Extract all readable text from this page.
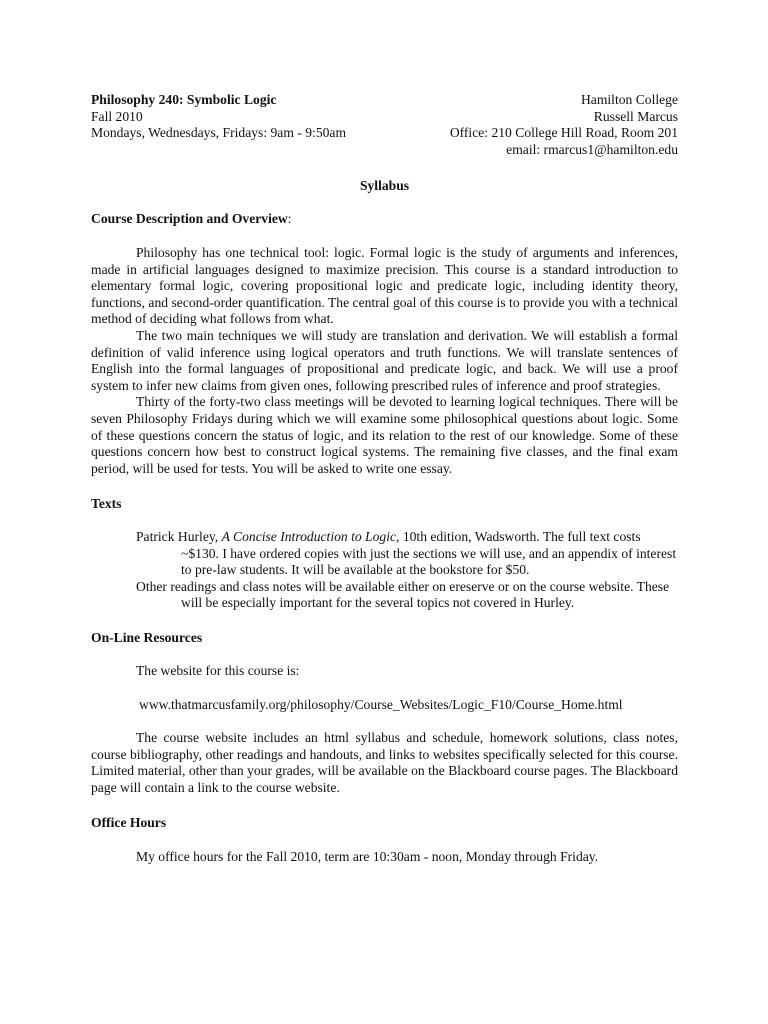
Philosophy 240: Symbolic Logic
Fall 2010
Mondays, Wednesdays, Fridays: 9am - 9:50am
Hamilton College
Russell Marcus
Office: 210 College Hill Road, Room 201
email: rmarcus1@hamilton.edu
Syllabus
Course Description and Overview:

Philosophy has one technical tool: logic. Formal logic is the study of arguments and inferences, made in artificial languages designed to maximize precision. This course is a standard introduction to elementary formal logic, covering propositional logic and predicate logic, including identity theory, functions, and second-order quantification. The central goal of this course is to provide you with a technical method of deciding what follows from what.

The two main techniques we will study are translation and derivation. We will establish a formal definition of valid inference using logical operators and truth functions. We will translate sentences of English into the formal languages of propositional and predicate logic, and back. We will use a proof system to infer new claims from given ones, following prescribed rules of inference and proof strategies.

Thirty of the forty-two class meetings will be devoted to learning logical techniques. There will be seven Philosophy Fridays during which we will examine some philosophical questions about logic. Some of these questions concern the status of logic, and its relation to the rest of our knowledge. Some of these questions concern how best to construct logical systems. The remaining five classes, and the final exam period, will be used for tests. You will be asked to write one essay.

Texts

Patrick Hurley, A Concise Introduction to Logic, 10th edition, Wadsworth. The full text costs ~$130. I have ordered copies with just the sections we will use, and an appendix of interest to pre-law students. It will be available at the bookstore for $50.

Other readings and class notes will be available either on ereserve or on the course website. These will be especially important for the several topics not covered in Hurley.

On-Line Resources
The website for this course is:
www.thatmarcusfamily.org/philosophy/Course_Websites/Logic_F10/Course_Home.html

The course website includes an html syllabus and schedule, homework solutions, class notes, course bibliography, other readings and handouts, and links to websites specifically selected for this course. Limited material, other than your grades, will be available on the Blackboard course pages. The Blackboard page will contain a link to the course website.

Office Hours
My office hours for the Fall 2010, term are 10:30am - noon, Monday through Friday.
